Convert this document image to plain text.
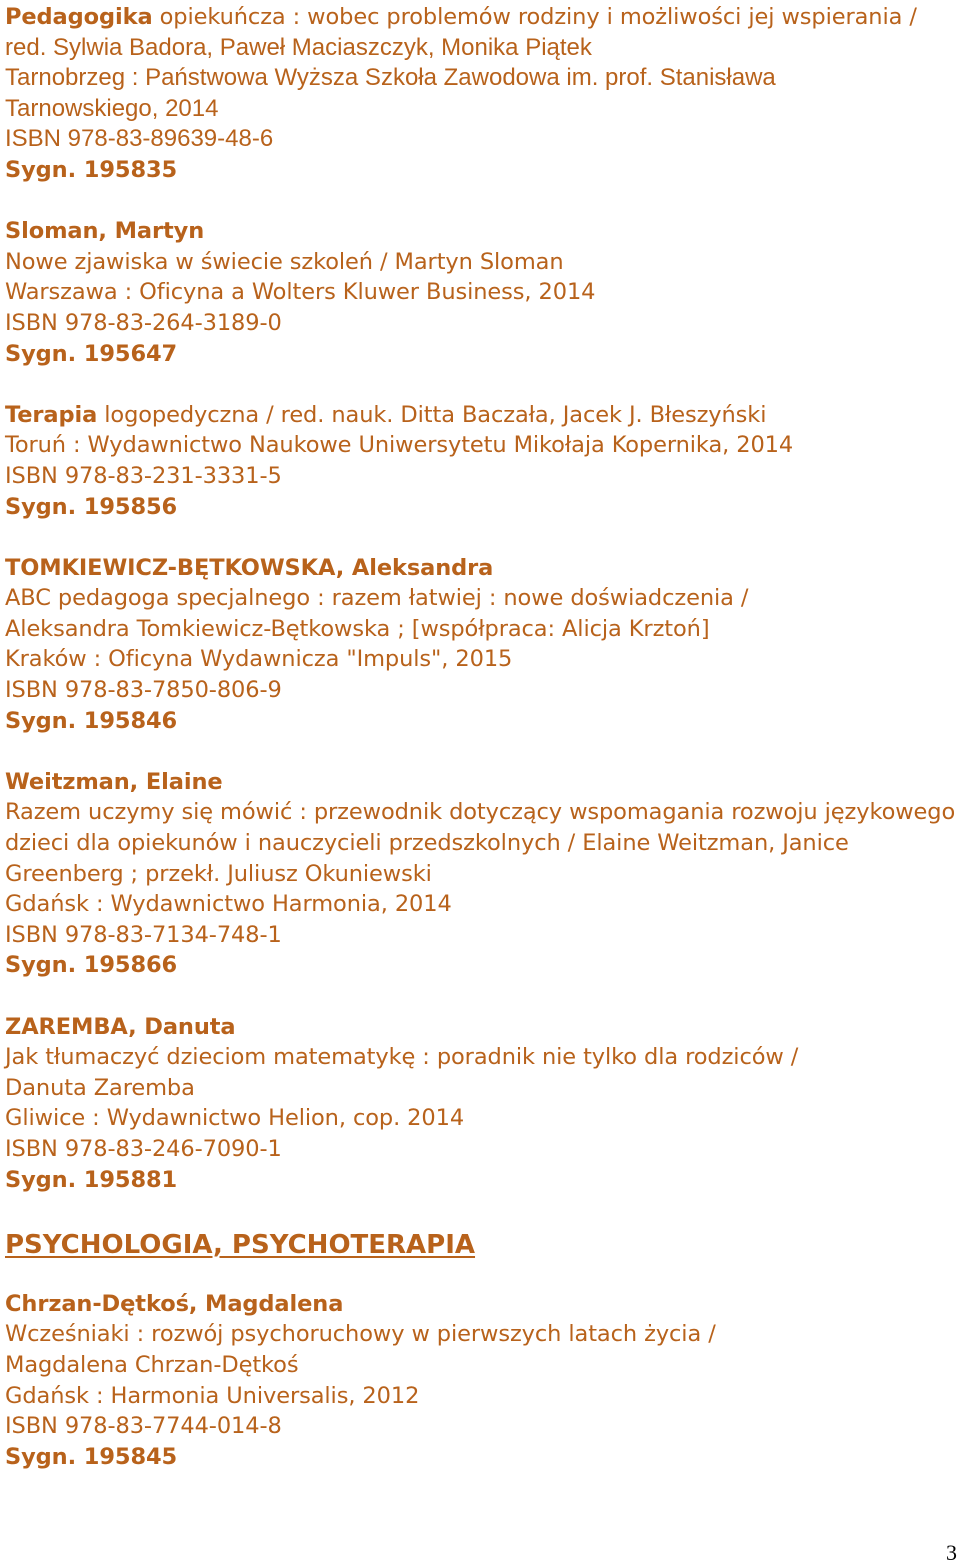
Pedagogika opiekuńcza : wobec problemów rodziny i możliwości jej wspierania /
red. Sylwia Badora, Paweł Maciaszczyk, Monika Piątek
Tarnobrzeg : Państwowa Wyższa Szkoła Zawodowa im. prof. Stanisława
Tarnowskiego, 2014
ISBN 978-83-89639-48-6
Sygn. 195835
Sloman, Martyn
Nowe zjawiska w świecie szkoleń / Martyn Sloman
Warszawa : Oficyna a Wolters Kluwer Business, 2014
ISBN 978-83-264-3189-0
Sygn. 195647
Terapia logopedyczna / red. nauk. Ditta Baczała, Jacek J. Błeszyński
Toruń : Wydawnictwo Naukowe Uniwersytetu Mikołaja Kopernika, 2014
ISBN 978-83-231-3331-5
Sygn. 195856
TOMKIEWICZ-BĘTKOWSKA, Aleksandra
ABC pedagoga specjalnego : razem łatwiej : nowe doświadczenia /
Aleksandra Tomkiewicz-Bętkowska ; [współpraca: Alicja Krztoń]
Kraków : Oficyna Wydawnicza "Impuls", 2015
ISBN 978-83-7850-806-9
Sygn. 195846
Weitzman, Elaine
Razem uczymy się mówić : przewodnik dotyczący wspomagania rozwoju językowego
dzieci dla opiekunów i nauczycieli przedszkolnych / Elaine Weitzman, Janice
Greenberg ; przekł. Juliusz Okuniewski
Gdańsk : Wydawnictwo Harmonia, 2014
ISBN 978-83-7134-748-1
Sygn. 195866
ZAREMBA, Danuta
Jak tłumaczyć dzieciom matematykę : poradnik nie tylko dla rodziców /
Danuta Zaremba
Gliwice : Wydawnictwo Helion, cop. 2014
ISBN 978-83-246-7090-1
Sygn. 195881
PSYCHOLOGIA, PSYCHOTERAPIA
Chrzan-Dętkoś, Magdalena
Wcześniaki : rozwój psychoruchowy w pierwszych latach życia /
Magdalena Chrzan-Dętkoś
Gdańsk : Harmonia Universalis, 2012
ISBN 978-83-7744-014-8
Sygn. 195845
3
